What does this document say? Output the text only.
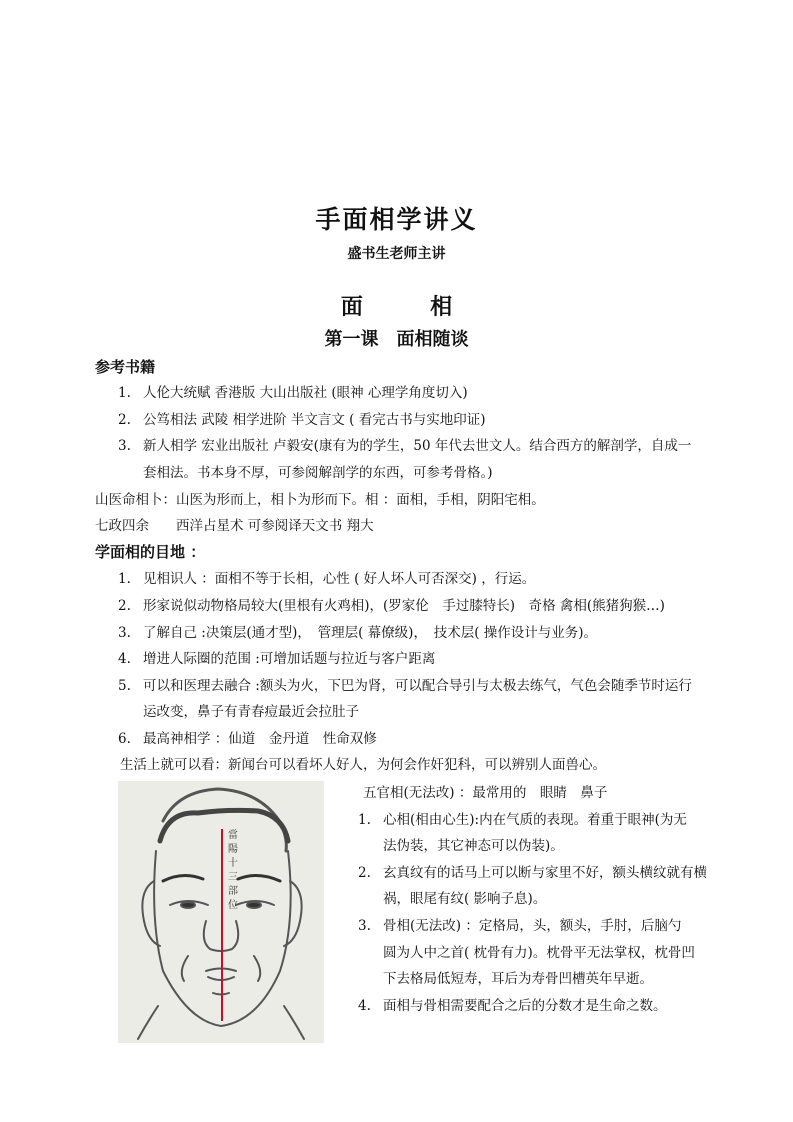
手面相学讲义
盛书生老师主讲
面	相
第一课　面相随谈
参考书籍
1. 人伦大统赋 香港版 大山出版社 (眼神 心理学角度切入)
2. 公笃相法 武陵 相学进阶 半文言文 ( 看完古书与实地印证)
3. 新人相学 宏业出版社 卢毅安(康有为的学生，50 年代去世文人。结合西方的解剖学，自成一
套相法。书本身不厚，可参阅解剖学的东西，可参考骨格。)
山医命相卜：山医为形而上，相卜为形而下。相 ：面相，手相，阴阳宅相。
七政四余　　西洋占星术 可参阅译天文书 翔大
学面相的目地 ：
1. 见相识人 ：面相不等于长相，心性 ( 好人坏人可否深交) ，行运。
2. 形家说似动物格局较大(里根有火鸡相)，(罗家伦　手过膝特长)　奇格 禽相(熊猪狗猴…)
3. 了解自己 :决策层(通才型)，　管理层( 幕僚级)，　技术层( 操作设计与业务)。
4. 增进人际圈的范围 :可增加话题与拉近与客户距离
5. 可以和医理去融合 :额头为火，下巴为肾，可以配合导引与太极去练气，气色会随季节时运行
运改变，鼻子有青春痘最近会拉肚子
6. 最高神相学 ：仙道　金丹道　性命双修
生活上就可以看：新闻台可以看坏人好人，为何会作奸犯科，可以辨别人面兽心。
當陽十三部位
五官相(无法改) ：最常用的　眼睛　鼻子
1. 心相(相由心生):内在气质的表现。着重于眼神(为无
法伪装，其它神态可以伪装)。
2. 玄真纹有的话马上可以断与家里不好，额头横纹就有横
祸，眼尾有纹( 影响子息)。
3. 骨相(无法改) ：定格局，头，额头，手肘，后脑勺
圆为人中之首( 枕骨有力)。枕骨平无法掌权，枕骨凹
下去格局低短寿，耳后为寿骨凹槽英年早逝。
4. 面相与骨相需要配合之后的分数才是生命之数。
